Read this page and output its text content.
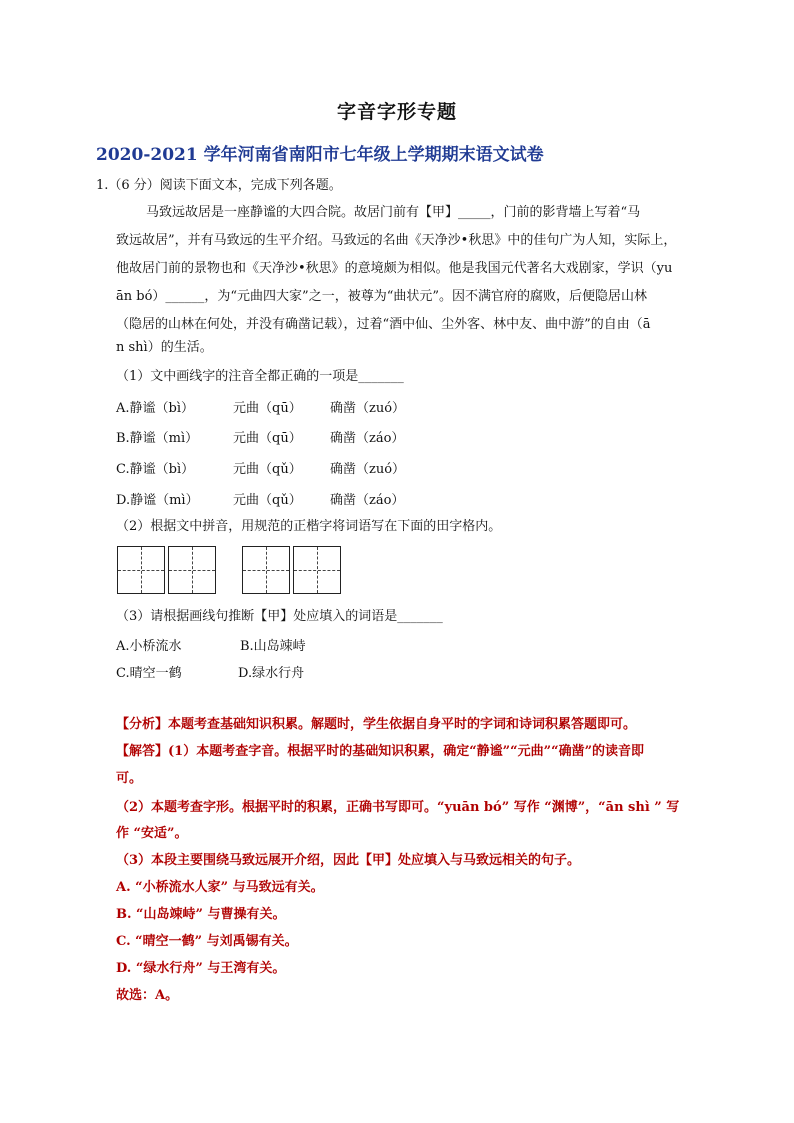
字音字形专题
2020-2021 学年河南省南阳市七年级上学期期末语文试卷
1.（6 分）阅读下面文本，完成下列各题。
马致远故居是一座静谧的大四合院。故居门前有【甲】_____，门前的影背墙上写着“马
致远故居”，并有马致远的生平介绍。马致远的名曲《天净沙•秋思》中的佳句广为人知，实际上，
他故居门前的景物也和《天净沙•秋思》的意境颇为相似。他是我国元代著名大戏剧家，学识（yu
ān bó）______，为“元曲四大家”之一，被尊为“曲状元”。因不满官府的腐败，后便隐居山林
（隐居的山林在何处，并没有确凿记载），过着“酒中仙、尘外客、林中友、曲中游”的自由（ā
n shì）的生活。
（1）文中画线字的注音全都正确的一项是_______
A.静谧（bì）	元曲（qū） 确凿（zuó）
B.静谧（mì）	元曲（qū） 确凿（záo）
C.静谧（bì）	元曲（qǔ） 确凿（zuó）
D.静谧（mì）	元曲（qǔ） 确凿（záo）
（2）根据文中拼音，用规范的正楷字将词语写在下面的田字格内。
（3）请根据画线句推断【甲】处应填入的词语是_______
A.小桥流水	B.山岛竦峙
C.晴空一鹤	D.绿水行舟
【分析】本题考查基础知识积累。解题时，学生依据自身平时的字词和诗词积累答题即可。
【解答】(1）本题考查字音。根据平时的基础知识积累，确定“静谧”“元曲”“确凿”的读音即
可。
（2）本题考查字形。根据平时的积累，正确书写即可。“yuān bó” 写作 “渊博”，“ān shì ” 写
作 “安适”。
（3）本段主要围绕马致远展开介绍，因此【甲】处应填入与马致远相关的句子。
A. “小桥流水人家” 与马致远有关。
B. “山岛竦峙” 与曹操有关。
C. “晴空一鹤” 与刘禹锡有关。
D. “绿水行舟” 与王湾有关。
故选：A。
